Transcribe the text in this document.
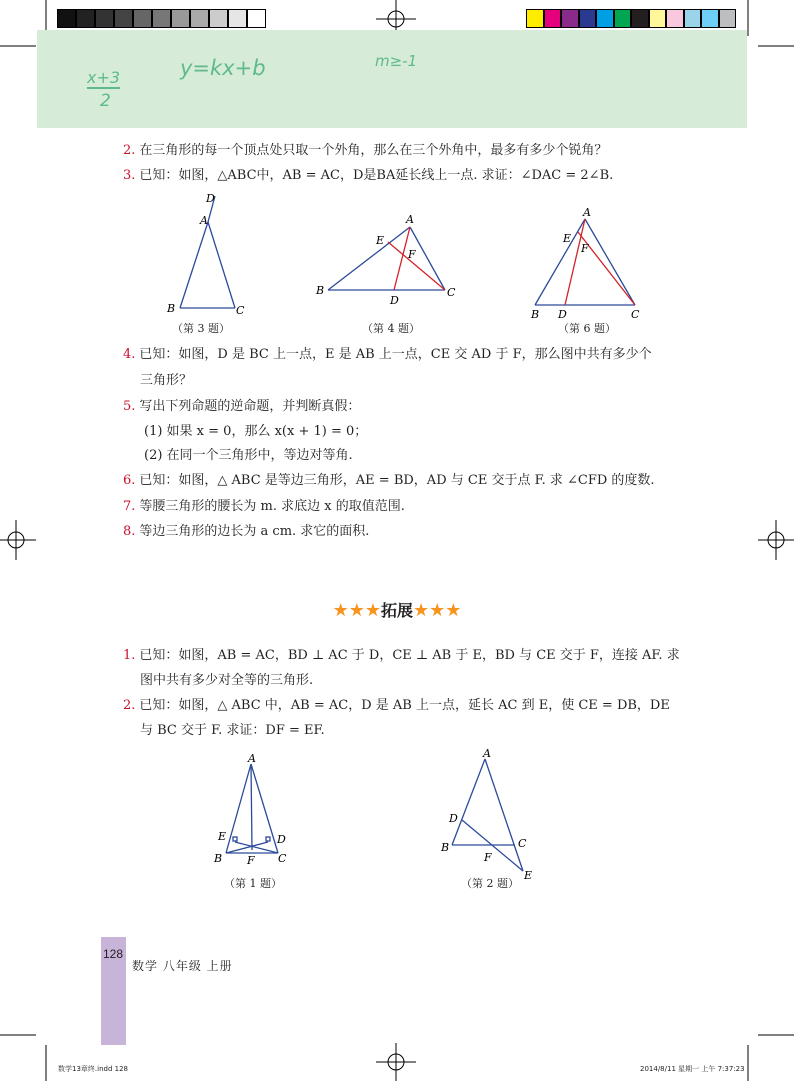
x+3
2
y=kx+b	m≥-1
2. 在三角形的每一个顶点处只取一个外角，那么在三个外角中，最多有多少个锐角？
3. 已知：如图，△ABC中，AB = AC，D是BA延长线上一点. 求证：∠DAC = 2∠B.
A
D
B	C
（第 3 题）
A
E
F
B
D
C
（第 4 题）
A
E
F
B D	C
（第 6 题）
4. 已知：如图，D 是 BC 上一点，E 是 AB 上一点，CE 交 AD 于 F，那么图中共有多少个
三角形？
5. 写出下列命题的逆命题，并判断真假：
(1) 如果 x = 0，那么 x(x + 1) = 0；
(2) 在同一个三角形中，等边对等角.
6. 已知：如图，△ ABC 是等边三角形，AE = BD，AD 与 CE 交于点 F. 求 ∠CFD 的度数.
7. 等腰三角形的腰长为 m. 求底边 x 的取值范围.
8. 等边三角形的边长为 a cm. 求它的面积.
★★★拓展★★★
1. 已知：如图，AB = AC，BD ⊥ AC 于 D，CE ⊥ AB 于 E，BD 与 CE 交于 F，连接 AF. 求
图中共有多少对全等的三角形.
2. 已知：如图，△ ABC 中，AB = AC，D 是 AB 上一点，延长 AC 到 E，使 CE = DB，DE
与 BC 交于 F. 求证：DF = EF.
A
E	D
B F C
（第 1 题）
A
D
B	C
F
E
（第 2 题）
128
数学 八年级 上册
数学13章终.indd 128	2014/8/11 星期一 上午 7:37:23
